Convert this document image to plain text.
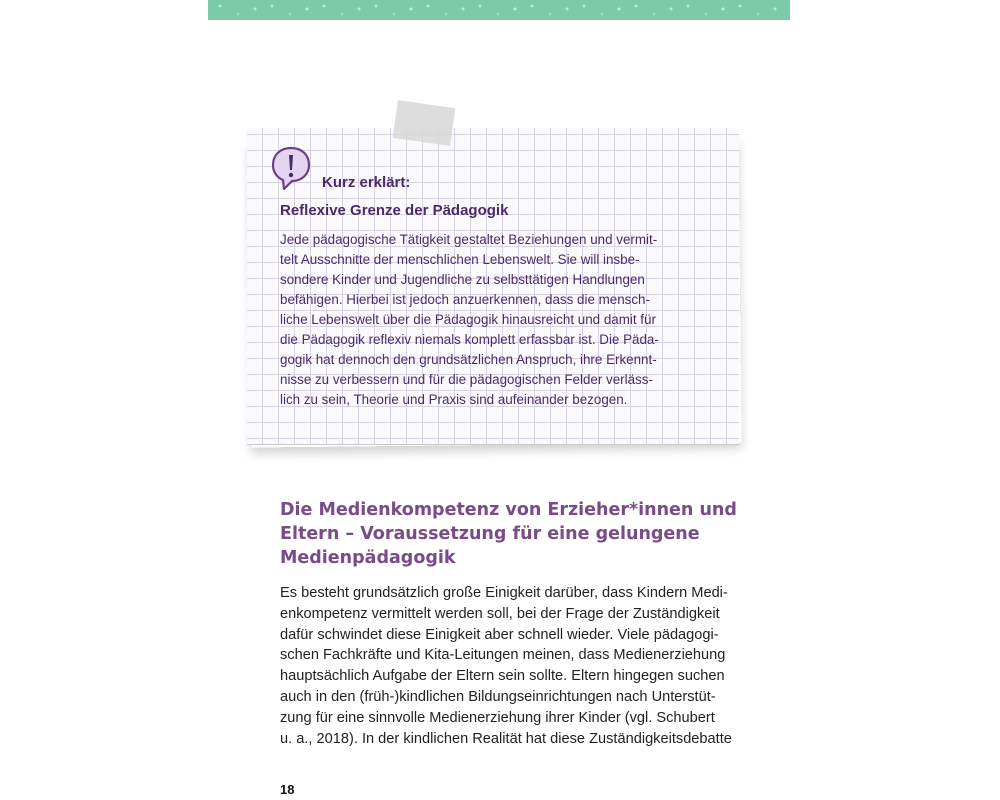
Kurz erklärt:
Reflexive Grenze der Pädagogik
Jede pädagogische Tätigkeit gestaltet Beziehungen und vermit-
telt Ausschnitte der menschlichen Lebenswelt. Sie will insbe-
sondere Kinder und Jugendliche zu selbsttätigen Handlungen
befähigen. Hierbei ist jedoch anzuerkennen, dass die mensch-
liche Lebenswelt über die Pädagogik hinausreicht und damit für
die Pädagogik reflexiv niemals komplett erfassbar ist. Die Päda-
gogik hat dennoch den grundsätzlichen Anspruch, ihre Erkennt-
nisse zu verbessern und für die pädagogischen Felder verläss-
lich zu sein, Theorie und Praxis sind aufeinander bezogen.
Die Medienkompetenz von Erzieher*innen und
Eltern – Voraussetzung für eine gelungene
Medienpädagogik
Es besteht grundsätzlich große Einigkeit darüber, dass Kindern Medi-
enkompetenz vermittelt werden soll, bei der Frage der Zuständigkeit
dafür schwindet diese Einigkeit aber schnell wieder. Viele pädagogi-
schen Fachkräfte und Kita-Leitungen meinen, dass Medienerziehung
hauptsächlich Aufgabe der Eltern sein sollte. Eltern hingegen suchen
auch in den (früh-)kindlichen Bildungseinrichtungen nach Unterstüt-
zung für eine sinnvolle Medienerziehung ihrer Kinder (vgl. Schubert
u. a., 2018). In der kindlichen Realität hat diese Zuständigkeitsdebatte
18
